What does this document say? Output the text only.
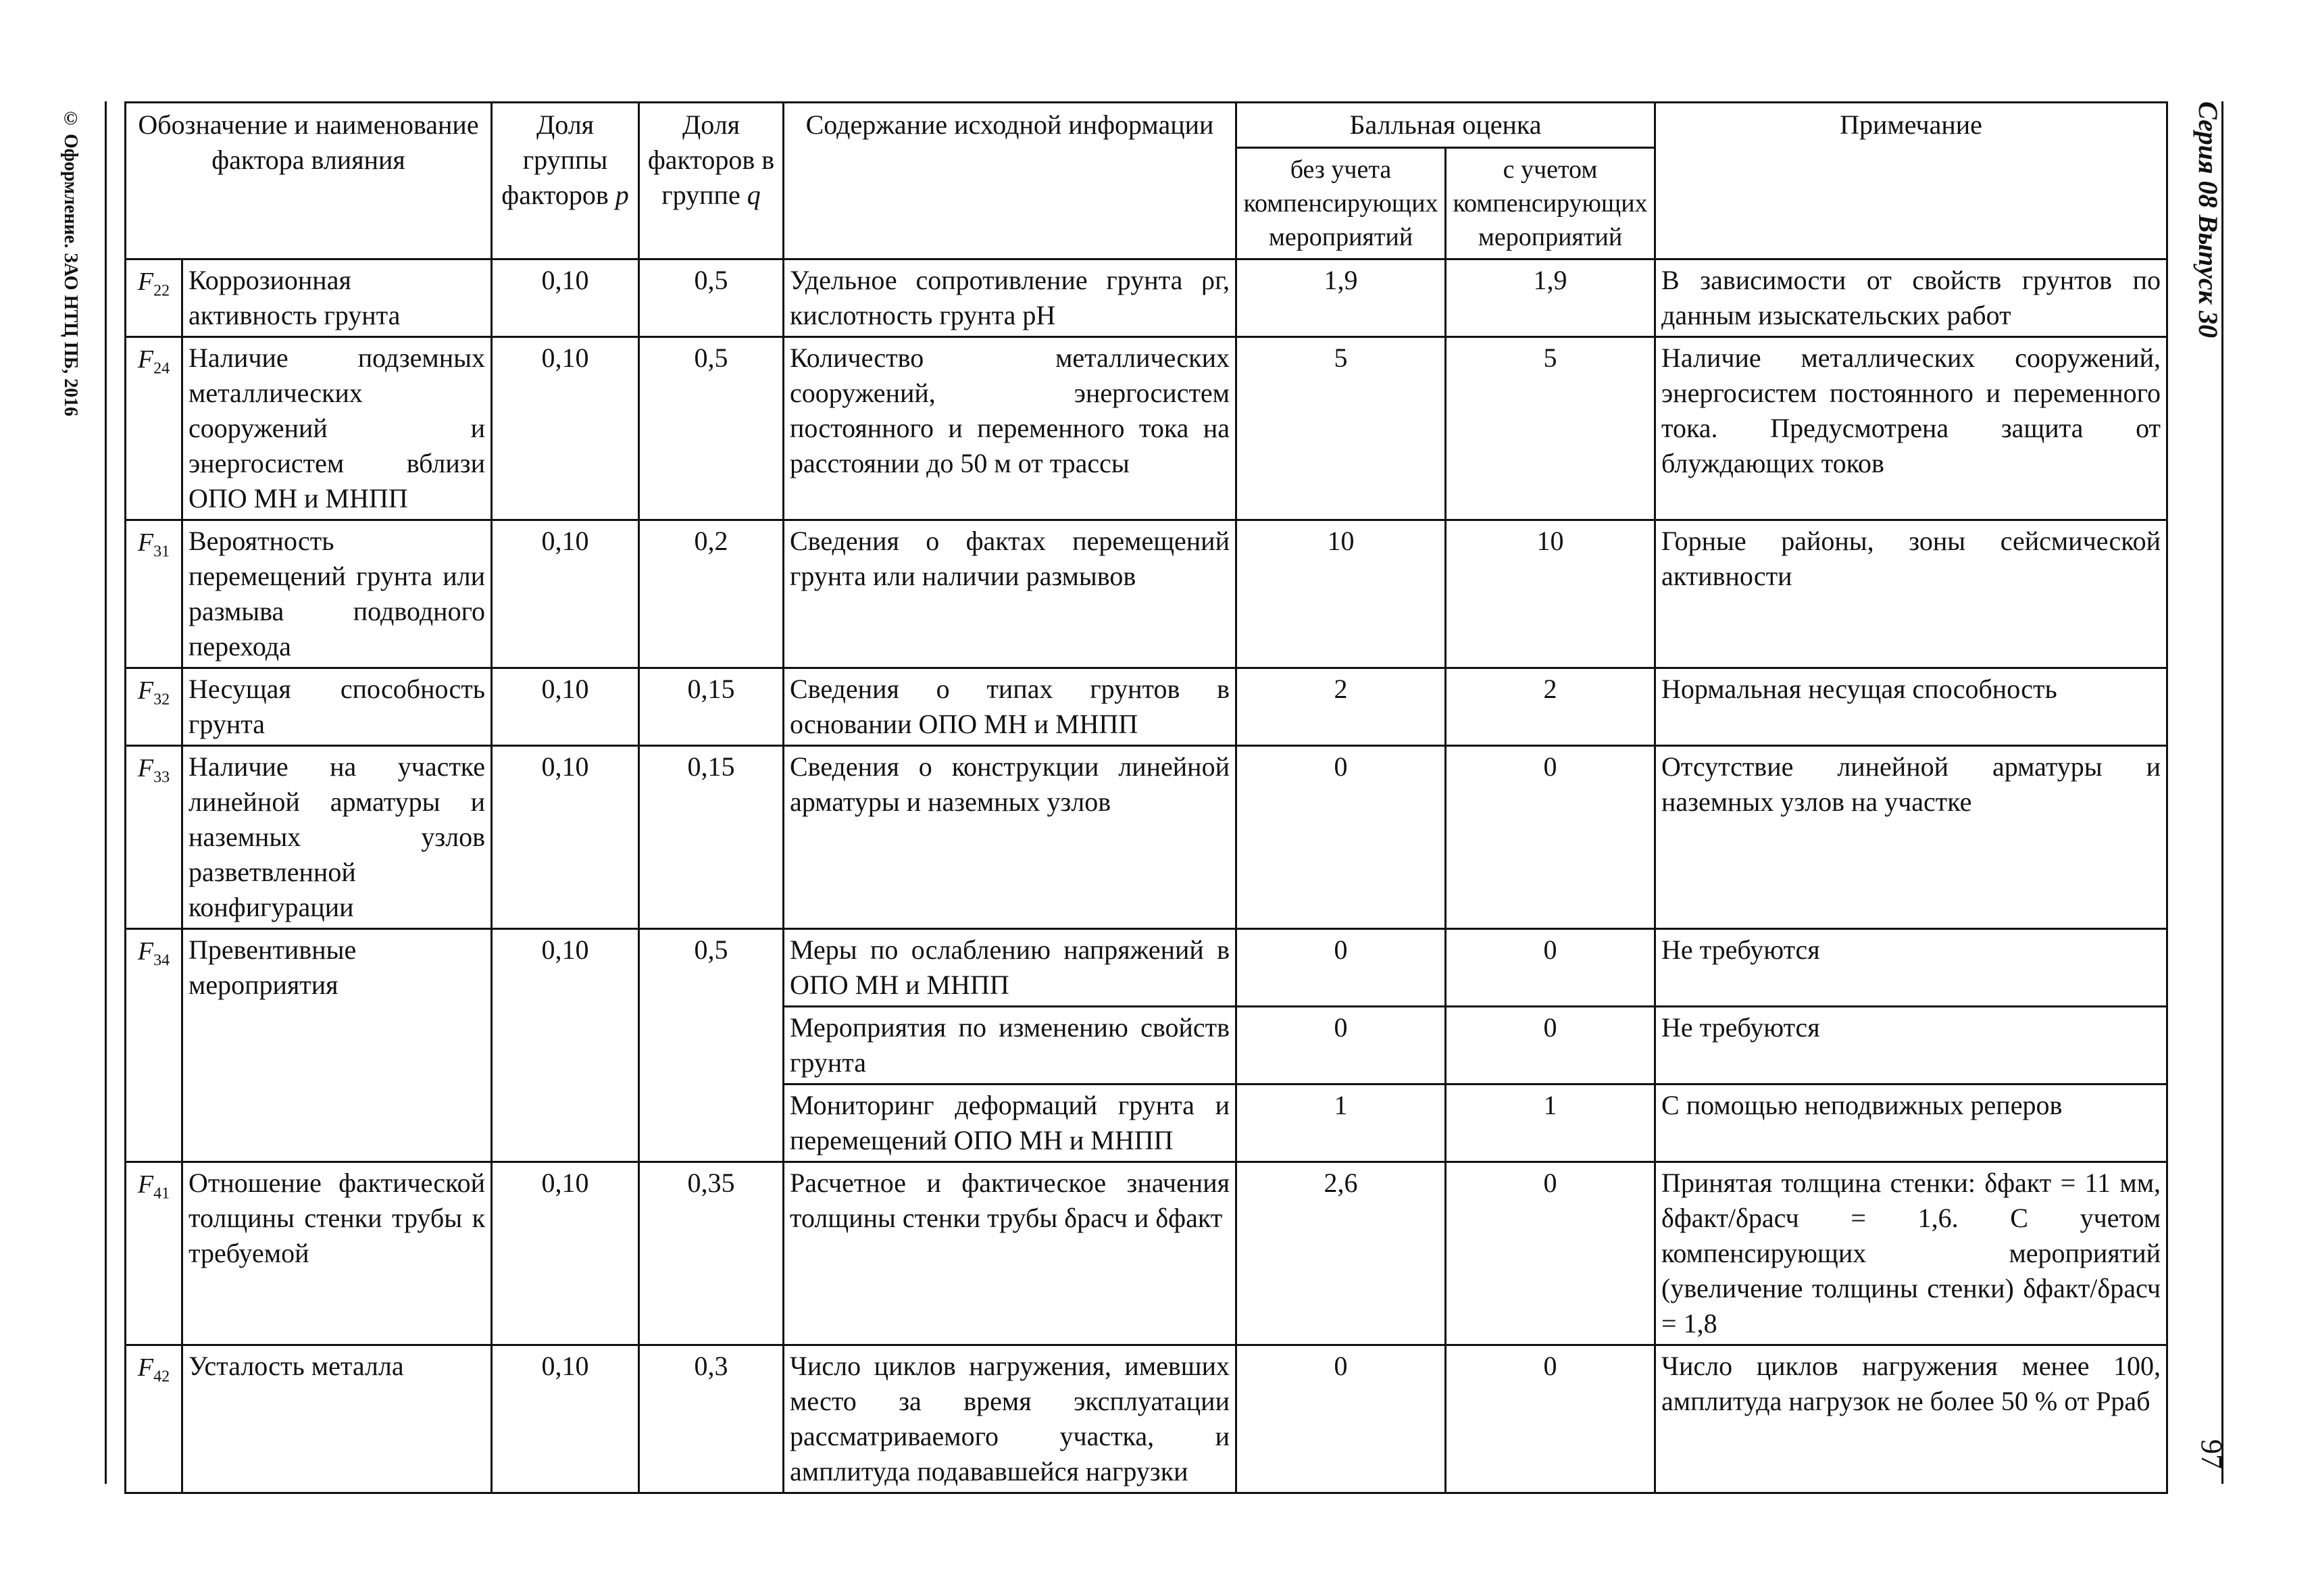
© Оформление. ЗАО НТЦ ПБ, 2016	Серия 08 Выпуск 30
97
Обозначение и наименование фактора влияния		Доля группы факторов p	Доля факторов в группе q	Содержание исходной информации	Балльная оценка		Примечание
					без учета компенсирующих мероприятий	с учетом компенсирующих мероприятий	
$F_{22}$	Коррозионная активность грунта	0,10	0,5	Удельное сопротивление грунта ρг, кислотность грунта pH	1,9	1,9	В зависимости от свойств грунтов по данным изыскательских работ
$F_{24}$	Наличие подземных металлических сооружений и энергосистем вблизи ОПО МН и МНПП	0,10	0,5	Количество металлических сооружений, энергосистем постоянного и переменного тока на расстоянии до 50 м от трассы	5	5	Наличие металлических сооружений, энергосистем постоянного и переменного тока. Предусмотрена защита от блуждающих токов
$F_{31}$	Вероятность перемещений грунта или размыва подводного перехода	0,10	0,2	Сведения о фактах перемещений грунта или наличии размывов	10	10	Горные районы, зоны сейсмической активности
$F_{32}$	Несущая способность грунта	0,10	0,15	Сведения о типах грунтов в основании ОПО МН и МНПП	2	2	Нормальная несущая способность
$F_{33}$	Наличие на участке линейной арматуры и наземных узлов разветвленной конфигурации	0,10	0,15	Сведения о конструкции линейной арматуры и наземных узлов	0	0	Отсутствие линейной арматуры и наземных узлов на участке
$F_{34}$	Превентивные мероприятия	0,10	0,5	Меры по ослаблению напряжений в ОПО МН и МНПП	0	0	Не требуются
				Мероприятия по изменению свойств грунта	0	0	Не требуются
				Мониторинг деформаций грунта и перемещений ОПО МН и МНПП	1	1	С помощью неподвижных реперов
$F_{41}$	Отношение фактической толщины стенки трубы к требуемой	0,10	0,35	Расчетное и фактическое значения толщины стенки трубы δрасч и δфакт	2,6	0	Принятая толщина стенки: δфакт = 11 мм, δфакт/δрасч = 1,6. С учетом компенсирующих мероприятий (увеличение толщины стенки) δфакт/δрасч = 1,8
$F_{42}$	Усталость металла	0,10	0,3	Число циклов нагружения, имевших место за время эксплуатации рассматриваемого участка, и амплитуда подававшейся нагрузки	0	0	Число циклов нагружения менее 100, амплитуда нагрузок не более 50 % от Pраб
